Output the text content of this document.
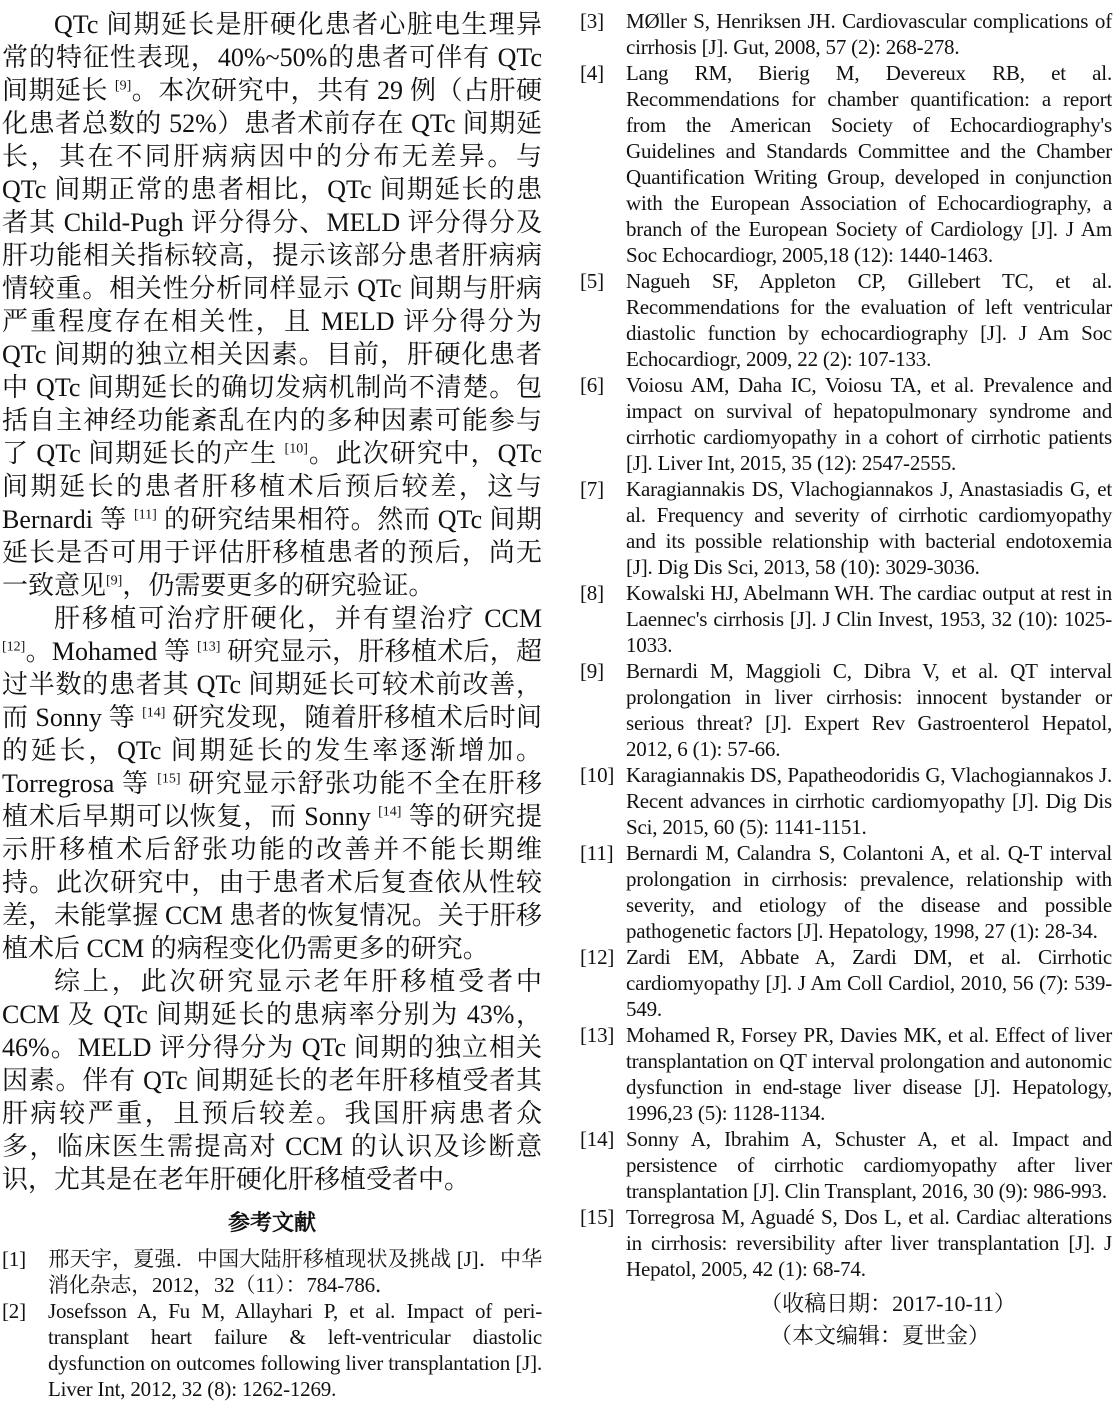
QTc 间期延长是肝硬化患者心脏电生理异常的特征性表现，40%~50%的患者可伴有 QTc 间期延长 [9]。本次研究中，共有 29 例（占肝硬化患者总数的 52%）患者术前存在 QTc 间期延长，其在不同肝病病因中的分布无差异。与 QTc 间期正常的患者相比，QTc 间期延长的患者其 Child-Pugh 评分得分、MELD 评分得分及肝功能相关指标较高，提示该部分患者肝病病情较重。相关性分析同样显示 QTc 间期与肝病严重程度存在相关性，且 MELD 评分得分为 QTc 间期的独立相关因素。目前，肝硬化患者中 QTc 间期延长的确切发病机制尚不清楚。包括自主神经功能紊乱在内的多种因素可能参与了 QTc 间期延长的产生 [10]。此次研究中，QTc 间期延长的患者肝移植术后预后较差，这与 Bernardi 等 [11] 的研究结果相符。然而 QTc 间期延长是否可用于评估肝移植患者的预后，尚无一致意见[9]，仍需要更多的研究验证。
肝移植可治疗肝硬化，并有望治疗 CCM [12]。Mohamed 等 [13] 研究显示，肝移植术后，超过半数的患者其 QTc 间期延长可较术前改善，而 Sonny 等 [14] 研究发现，随着肝移植术后时间的延长，QTc 间期延长的发生率逐渐增加。Torregrosa 等 [15] 研究显示舒张功能不全在肝移植术后早期可以恢复，而 Sonny [14] 等的研究提示肝移植术后舒张功能的改善并不能长期维持。此次研究中，由于患者术后复查依从性较差，未能掌握 CCM 患者的恢复情况。关于肝移植术后 CCM 的病程变化仍需更多的研究。
综上，此次研究显示老年肝移植受者中 CCM 及 QTc 间期延长的患病率分别为 43%，46%。MELD 评分得分为 QTc 间期的独立相关因素。伴有 QTc 间期延长的老年肝移植受者其肝病较严重，且预后较差。我国肝病患者众多，临床医生需提高对 CCM 的认识及诊断意识，尤其是在老年肝硬化肝移植受者中。
参考文献
[1] 邢天宇，夏强．中国大陆肝移植现状及挑战 [J]．中华消化杂志，2012，32（11）：784-786．
[2] Josefsson A, Fu M, Allayhari P, et al. Impact of peri-transplant heart failure & left-ventricular diastolic dysfunction on outcomes following liver transplantation [J]. Liver Int, 2012, 32 (8): 1262-1269.
[3] MØller S, Henriksen JH. Cardiovascular complications of cirrhosis [J]. Gut, 2008, 57 (2): 268-278.
[4] Lang RM, Bierig M, Devereux RB, et al. Recommendations for chamber quantification: a report from the American Society of Echocardiography's Guidelines and Standards Committee and the Chamber Quantification Writing Group, developed in conjunction with the European Association of Echocardiography, a branch of the European Society of Cardiology [J]. J Am Soc Echocardiogr, 2005,18 (12): 1440-1463.
[5] Nagueh SF, Appleton CP, Gillebert TC, et al. Recommendations for the evaluation of left ventricular diastolic function by echocardiography [J]. J Am Soc Echocardiogr, 2009, 22 (2): 107-133.
[6] Voiosu AM, Daha IC, Voiosu TA, et al. Prevalence and impact on survival of hepatopulmonary syndrome and cirrhotic cardiomyopathy in a cohort of cirrhotic patients [J]. Liver Int, 2015, 35 (12): 2547-2555.
[7] Karagiannakis DS, Vlachogiannakos J, Anastasiadis G, et al. Frequency and severity of cirrhotic cardiomyopathy and its possible relationship with bacterial endotoxemia [J]. Dig Dis Sci, 2013, 58 (10): 3029-3036.
[8] Kowalski HJ, Abelmann WH. The cardiac output at rest in Laennec's cirrhosis [J]. J Clin Invest, 1953, 32 (10): 1025-1033.
[9] Bernardi M, Maggioli C, Dibra V, et al. QT interval prolongation in liver cirrhosis: innocent bystander or serious threat? [J]. Expert Rev Gastroenterol Hepatol, 2012, 6 (1): 57-66.
[10] Karagiannakis DS, Papatheodoridis G, Vlachogiannakos J. Recent advances in cirrhotic cardiomyopathy [J]. Dig Dis Sci, 2015, 60 (5): 1141-1151.
[11] Bernardi M, Calandra S, Colantoni A, et al. Q-T interval prolongation in cirrhosis: prevalence, relationship with severity, and etiology of the disease and possible pathogenetic factors [J]. Hepatology, 1998, 27 (1): 28-34.
[12] Zardi EM, Abbate A, Zardi DM, et al. Cirrhotic cardiomyopathy [J]. J Am Coll Cardiol, 2010, 56 (7): 539-549.
[13] Mohamed R, Forsey PR, Davies MK, et al. Effect of liver transplantation on QT interval prolongation and autonomic dysfunction in end-stage liver disease [J]. Hepatology, 1996,23 (5): 1128-1134.
[14] Sonny A, Ibrahim A, Schuster A, et al. Impact and persistence of cirrhotic cardiomyopathy after liver transplantation [J]. Clin Transplant, 2016, 30 (9): 986-993.
[15] Torregrosa M, Aguadé S, Dos L, et al. Cardiac alterations in cirrhosis: reversibility after liver transplantation [J]. J Hepatol, 2005, 42 (1): 68-74.
（收稿日期：2017-10-11）
（本文编辑：夏世金）
